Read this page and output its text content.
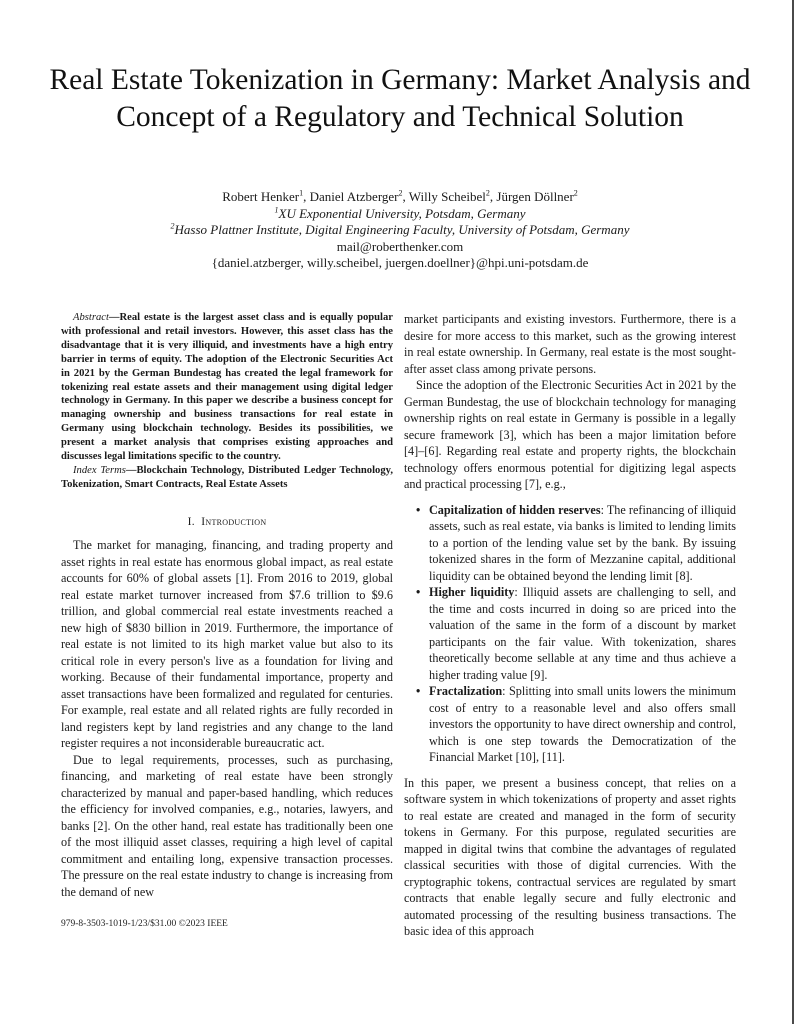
Real Estate Tokenization in Germany: Market Analysis and Concept of a Regulatory and Technical Solution
Robert Henker$^1$, Daniel Atzberger$^2$, Willy Scheibel$^2$, Jürgen Döllner$^2$
$^1$XU Exponential University, Potsdam, Germany
$^2$Hasso Plattner Institute, Digital Engineering Faculty, University of Potsdam, Germany
mail@roberthenker.com
{daniel.atzberger, willy.scheibel, juergen.doellner}@hpi.uni-potsdam.de

Abstract—Real estate is the largest asset class and is equally popular with professional and retail investors. However, this asset class has the disadvantage that it is very illiquid, and investments have a high entry barrier in terms of equity. The adoption of the Electronic Securities Act in 2021 by the German Bundestag has created the legal framework for tokenizing real estate assets and their management using digital ledger technology in Germany. In this paper we describe a business concept for managing ownership and business transactions for real estate in Germany using blockchain technology. Besides its possibilities, we present a market analysis that comprises existing approaches and discusses legal limitations specific to the country.

Index Terms—Blockchain Technology, Distributed Ledger Technology, Tokenization, Smart Contracts, Real Estate Assets

I. Introduction

The market for managing, financing, and trading property and asset rights in real estate has enormous global impact, as real estate accounts for 60% of global assets [1]. From 2016 to 2019, global real estate market turnover increased from $7.6 trillion to $9.6 trillion, and global commercial real estate investments reached a new high of $830 billion in 2019. Furthermore, the importance of real estate is not limited to its high market value but also to its critical role in every person's live as a foundation for living and working. Because of their fundamental importance, property and asset transactions have been formalized and regulated for centuries. For example, real estate and all related rights are fully recorded in land registers kept by land registries and any change to the land register requires a not inconsiderable bureaucratic act.

Due to legal requirements, processes, such as purchasing, financing, and marketing of real estate have been strongly characterized by manual and paper-based handling, which reduces the efficiency for involved companies, e.g., notaries, lawyers, and banks [2]. On the other hand, real estate has traditionally been one of the most illiquid asset classes, requiring a high level of capital commitment and entailing long, expensive transaction processes. The pressure on the real estate industry to change is increasing from the demand of new

market participants and existing investors. Furthermore, there is a desire for more access to this market, such as the growing interest in real estate ownership. In Germany, real estate is the most sought-after asset class among private persons.

Since the adoption of the Electronic Securities Act in 2021 by the German Bundestag, the use of blockchain technology for managing ownership rights on real estate in Germany is possible in a legally secure framework [3], which has been a major limitation before [4]–[6]. Regarding real estate and property rights, the blockchain technology offers enormous potential for digitizing legal aspects and practical processing [7], e.g.,

• Capitalization of hidden reserves: The refinancing of illiquid assets, such as real estate, via banks is limited to lending limits to a portion of the lending value set by the bank. By issuing tokenized shares in the form of Mezzanine capital, additional liquidity can be obtained beyond the lending limit [8].
• Higher liquidity: Illiquid assets are challenging to sell, and the time and costs incurred in doing so are priced into the valuation of the same in the form of a discount by market participants on the fair value. With tokenization, shares theoretically become sellable at any time and thus achieve a higher trading value [9].
• Fractalization: Splitting into small units lowers the minimum cost of entry to a reasonable level and also offers small investors the opportunity to have direct ownership and control, which is one step towards the Democratization of the Financial Market [10], [11].

In this paper, we present a business concept, that relies on a software system in which tokenizations of property and asset rights to real estate are created and managed in the form of security tokens in Germany. For this purpose, regulated securities are mapped in digital twins that combine the advantages of regulated classical securities with those of digital currencies. With the cryptographic tokens, contractual services are regulated by smart contracts that enable legally secure and fully electronic and automated processing of the resulting business transactions. The basic idea of this approach

979-8-3503-1019-1/23/$31.00 ©2023 IEEE
